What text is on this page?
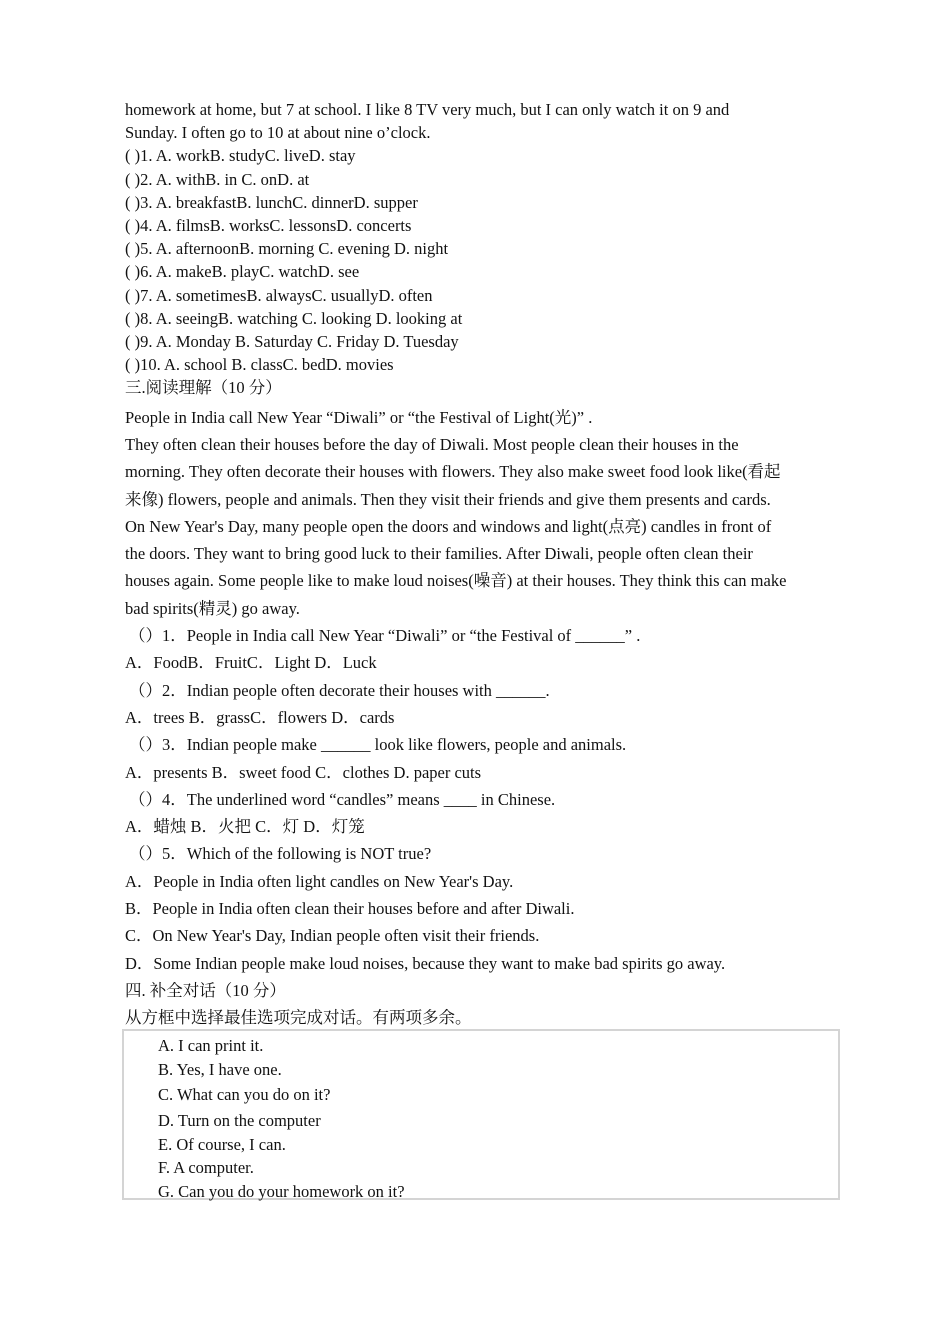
homework at home, but 7 at school. I like 8 TV very much, but I can only watch it on 9 and
Sunday. I often go to 10 at about nine o’clock.
( )1. A. workB. studyC. liveD. stay
( )2. A. withB. in C. onD. at
( )3. A. breakfastB. lunchC. dinnerD. supper
( )4. A. filmsB. worksC. lessonsD. concerts
( )5. A. afternoonB. morning C. evening D. night
( )6. A. makeB. playC. watchD. see
( )7. A. sometimesB. alwaysC. usuallyD. often
( )8. A. seeingB. watching C. looking D. looking at
( )9. A. Monday B. Saturday C. Friday D. Tuesday
( )10. A. school B. classC. bedD. movies
三.阅读理解（10 分）
People in India call New Year “Diwali” or “the Festival of Light(光)” .
They often clean their houses before the day of Diwali. Most people clean their houses in the
morning. They often decorate their houses with flowers. They also make sweet food look like(看起
来像) flowers, people and animals. Then they visit their friends and give them presents and cards.
On New Year's Day, many people open the doors and windows and light(点亮) candles in front of
the doors. They want to bring good luck to their families. After Diwali, people often clean their
houses again. Some people like to make loud noises(噪音) at their houses. They think this can make
bad spirits(精灵) go away.
（）1．People in India call New Year “Diwali” or “the Festival of ______” .
A．FoodB．FruitC．Light D．Luck
（）2．Indian people often decorate their houses with ______.
A．trees B．grassC．flowers D．cards
（）3．Indian people make ______ look like flowers, people and animals.
A．presents B．sweet food C．clothes D. paper cuts
（）4．The underlined word “candles” means ____ in Chinese.
A．蜡烛 B．火把 C．灯 D．灯笼
（）5．Which of the following is NOT true?
A．People in India often light candles on New Year's Day.
B．People in India often clean their houses before and after Diwali.
C．On New Year's Day, Indian people often visit their friends.
D．Some Indian people make loud noises, because they want to make bad spirits go away.
四. 补全对话（10 分）
从方框中选择最佳选项完成对话。有两项多余。
A. I can print it.
B. Yes, I have one.
C. What can you do on it?
D. Turn on the computer
E. Of course, I can.
F. A computer.
G. Can you do your homework on it?
